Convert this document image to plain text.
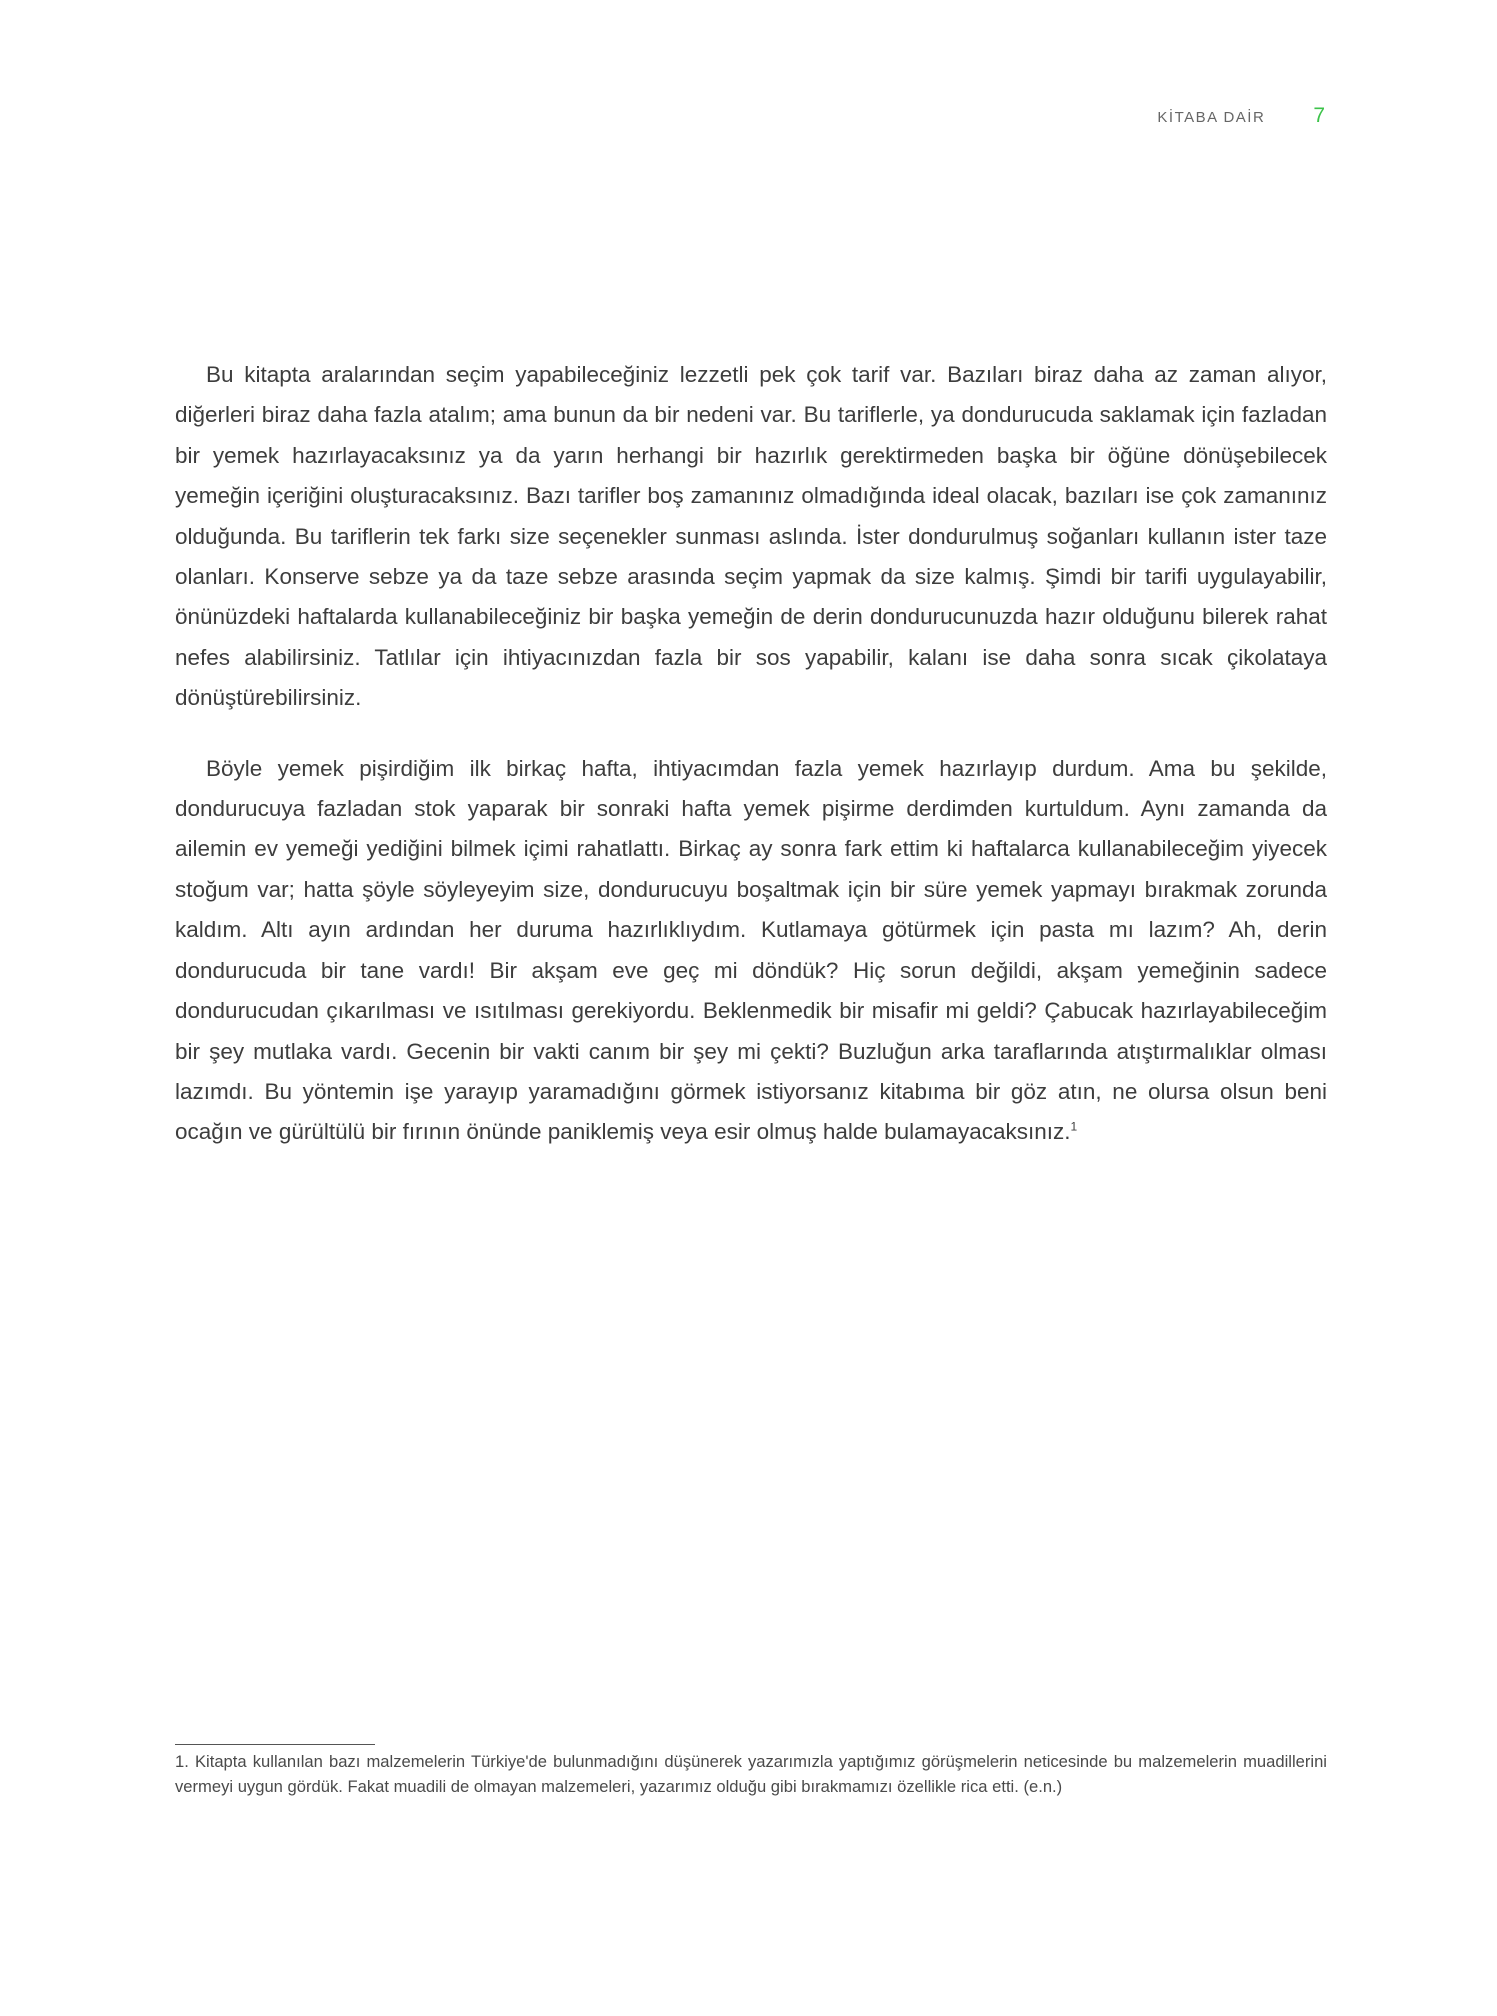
KİTABA DAİR 7

Bu kitapta aralarından seçim yapabileceğiniz lezzetli pek çok tarif var. Bazıları biraz daha az zaman alıyor, diğerleri biraz daha fazla atalım; ama bunun da bir nedeni var. Bu tariflerle, ya dondurucuda saklamak için fazladan bir yemek hazırlayacaksınız ya da yarın herhangi bir hazırlık gerektirmeden başka bir öğüne dönüşebilecek yemeğin içeriğini oluşturacaksınız. Bazı tarifler boş zamanınız olmadığında ideal olacak, bazıları ise çok zamanınız olduğunda. Bu tariflerin tek farkı size seçenekler sunması aslında. İster dondurulmuş soğanları kullanın ister taze olanları. Konserve sebze ya da taze sebze arasında seçim yapmak da size kalmış. Şimdi bir tarifi uygulayabilir, önünüzdeki haftalarda kullanabileceğiniz bir başka yemeğin de derin dondurucunuzda hazır olduğunu bilerek rahat nefes alabilirsiniz. Tatlılar için ihtiyacınızdan fazla bir sos yapabilir, kalanı ise daha sonra sıcak çikolataya dönüştürebilirsiniz.

Böyle yemek pişirdiğim ilk birkaç hafta, ihtiyacımdan fazla yemek hazırlayıp durdum. Ama bu şekilde, dondurucuya fazladan stok yaparak bir sonraki hafta yemek pişirme derdimden kurtuldum. Aynı zamanda da ailemin ev yemeği yediğini bilmek içimi rahatlattı. Birkaç ay sonra fark ettim ki haftalarca kullanabileceğim yiyecek stoğum var; hatta şöyle söyleyeyim size, dondurucuyu boşaltmak için bir süre yemek yapmayı bırakmak zorunda kaldım. Altı ayın ardından her duruma hazırlıklıydım. Kutlamaya götürmek için pasta mı lazım? Ah, derin dondurucuda bir tane vardı! Bir akşam eve geç mi döndük? Hiç sorun değildi, akşam yemeğinin sadece dondurucudan çıkarılması ve ısıtılması gerekiyordu. Beklenmedik bir misafir mi geldi? Çabucak hazırlayabileceğim bir şey mutlaka vardı. Gecenin bir vakti canım bir şey mi çekti? Buzluğun arka taraflarında atıştırmalıklar olması lazımdı. Bu yöntemin işe yarayıp yaramadığını görmek istiyorsanız kitabıma bir göz atın, ne olursa olsun beni ocağın ve gürültülü bir fırının önünde paniklemiş veya esir olmuş halde bulamayacaksınız.$^1$

1. Kitapta kullanılan bazı malzemelerin Türkiye'de bulunmadığını düşünerek yazarımızla yaptığımız görüşmelerin neticesinde bu malzemelerin muadillerini vermeyi uygun gördük. Fakat muadili de olmayan malzemeleri, yazarımız olduğu gibi bırakmamızı özellikle rica etti. (e.n.)
